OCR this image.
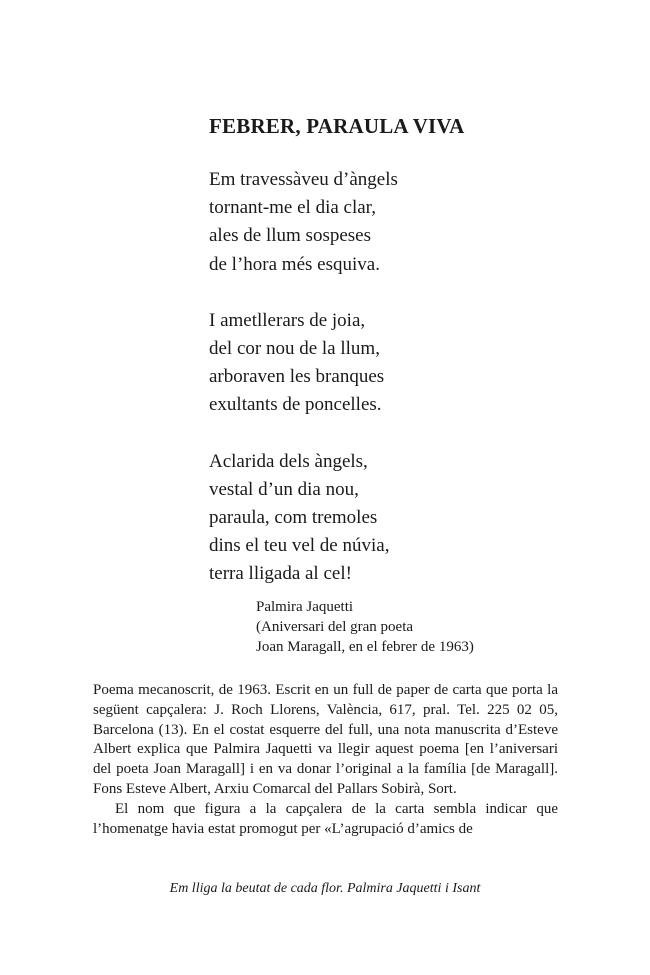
FEBRER, PARAULA VIVA
Em travessàveu d’àngels
tornant-me el dia clar,
ales de llum sospeses
de l’hora més esquiva.
I ametllerars de joia,
del cor nou de la llum,
arboraven les branques
exultants de poncelles.
Aclarida dels àngels,
vestal d’un dia nou,
paraula, com tremoles
dins el teu vel de núvia,
terra lligada al cel!
Palmira Jaquetti
(Aniversari del gran poeta
Joan Maragall, en el febrer de 1963)

Poema mecanoscrit, de 1963. Escrit en un full de paper de carta que porta la següent capçalera: J. Roch Llorens, València, 617, pral. Tel. 225 02 05, Barcelona (13). En el costat esquerre del full, una nota manuscrita d’Esteve Albert explica que Palmira Jaquetti va llegir aquest poema [en l’aniversari del poeta Joan Maragall] i en va donar l’original a la família [de Maragall]. Fons Esteve Albert, Arxiu Comarcal del Pallars Sobirà, Sort.

El nom que figura a la capçalera de la carta sembla indicar que l’homenatge havia estat promogut per «L’agrupació d’amics de

Em lliga la beutat de cada flor. Palmira Jaquetti i Isant
